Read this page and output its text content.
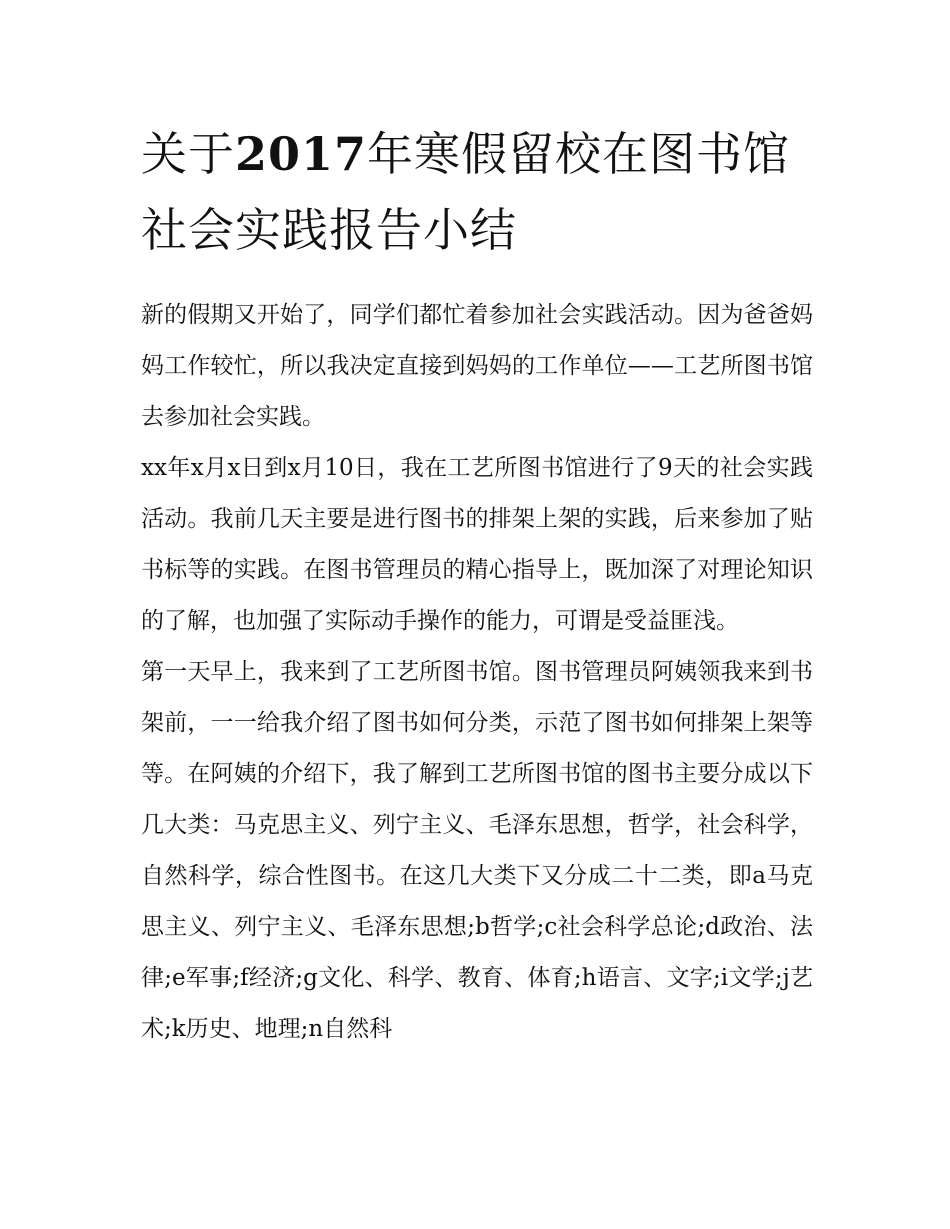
关于2017年寒假留校在图书馆社会实践报告小结

新的假期又开始了，同学们都忙着参加社会实践活动。因为爸爸妈妈工作较忙，所以我决定直接到妈妈的工作单位——工艺所图书馆去参加社会实践。

xx年x月x日到x月10日，我在工艺所图书馆进行了9天的社会实践活动。我前几天主要是进行图书的排架上架的实践，后来参加了贴书标等的实践。在图书管理员的精心指导上，既加深了对理论知识的了解，也加强了实际动手操作的能力，可谓是受益匪浅。

第一天早上，我来到了工艺所图书馆。图书管理员阿姨领我来到书架前，一一给我介绍了图书如何分类，示范了图书如何排架上架等等。在阿姨的介绍下，我了解到工艺所图书馆的图书主要分成以下几大类：马克思主义、列宁主义、毛泽东思想，哲学，社会科学，自然科学，综合性图书。在这几大类下又分成二十二类，即a马克思主义、列宁主义、毛泽东思想;b哲学;c社会科学总论;d政治、法律;e军事;f经济;g文化、科学、教育、体育;h语言、文字;i文学;j艺术;k历史、地理;n自然科
